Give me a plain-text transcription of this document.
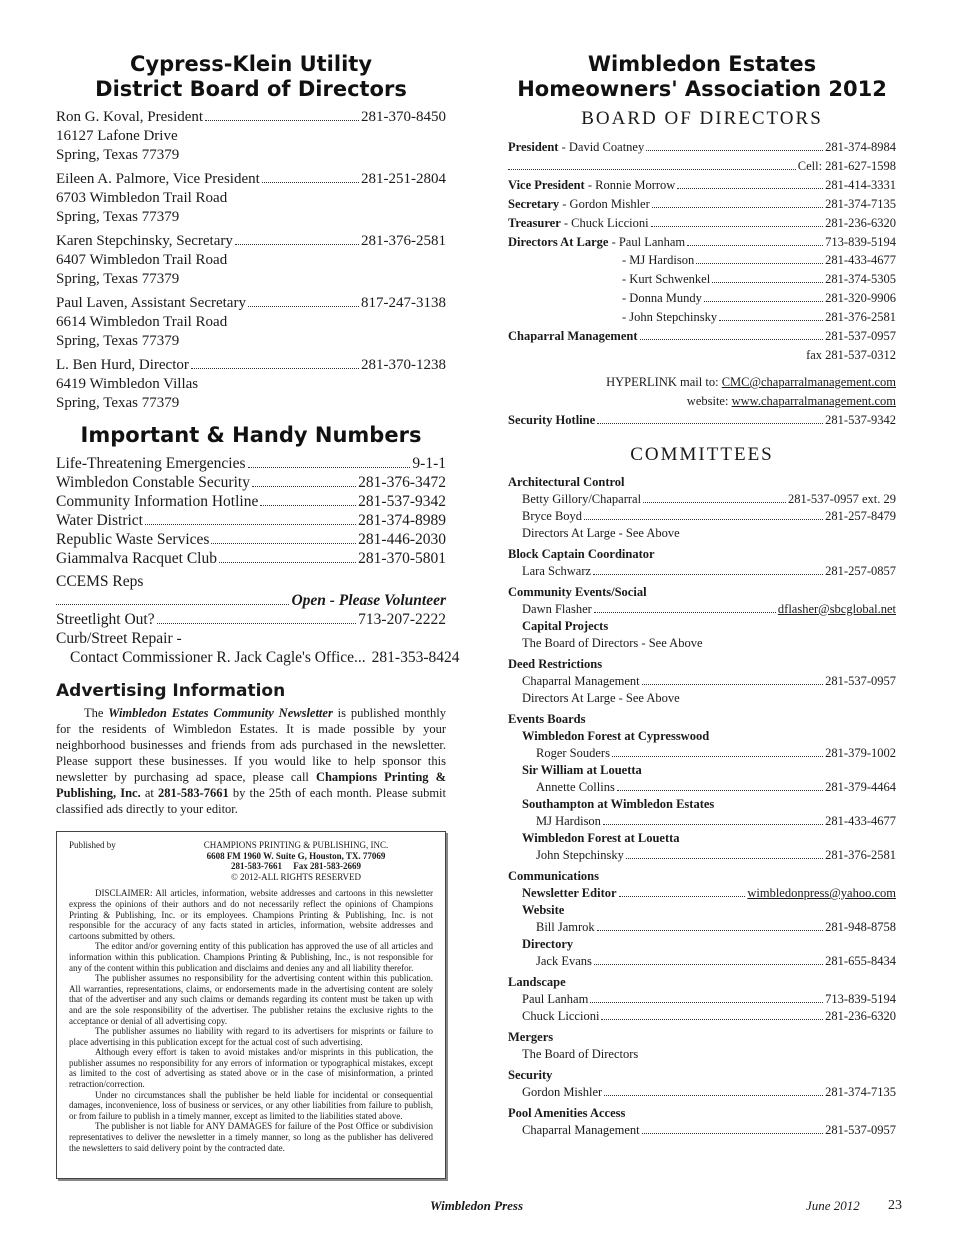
Cypress-Klein Utility
District Board of Directors
Ron G. Koval, President	281-370-8450
16127 Lafone Drive
Spring, Texas 77379
Eileen A. Palmore, Vice President	281-251-2804
6703 Wimbledon Trail Road
Spring, Texas 77379
Karen Stepchinsky, Secretary	281-376-2581
6407 Wimbledon Trail Road
Spring, Texas 77379
Paul Laven, Assistant Secretary	817-247-3138
6614 Wimbledon Trail Road
Spring, Texas 77379
L. Ben Hurd, Director	281-370-1238
6419 Wimbledon Villas
Spring, Texas 77379
Important & Handy Numbers
Life-Threatening Emergencies	9-1-1
Wimbledon Constable Security	281-376-3472
Community Information Hotline	281-537-9342
Water District	281-374-8989
Republic Waste Services	281-446-2030
Giammalva Racquet Club	281-370-5801
CCEMS Reps
Open - Please Volunteer
Streetlight Out?	713-207-2222
Curb/Street Repair -
Contact Commissioner R. Jack Cagle's Office... 281-353-8424
Advertising Information

The Wimbledon Estates Community Newsletter is published monthly for the residents of Wimbledon Estates. It is made possible by your neighborhood businesses and friends from ads purchased in the newsletter. Please support these businesses. If you would like to help sponsor this newsletter by purchasing ad space, please call Champions Printing & Publishing, Inc. at 281-583-7661 by the 25th of each month. Please submit classified ads directly to your editor.

Published by	CHAMPIONS PRINTING & PUBLISHING, INC.
6608 FM 1960 W. Suite G, Houston, TX. 77069
281-583-7661     Fax 281-583-2669
© 2012-ALL RIGHTS RESERVED

DISCLAIMER: All articles, information, website addresses and cartoons in this newsletter express the opinions of their authors and do not necessarily reflect the opinions of Champions Printing & Publishing, Inc. or its employees. Champions Printing & Publishing, Inc. is not responsible for the accuracy of any facts stated in articles, information, website addresses and cartoons submitted by others.

The editor and/or governing entity of this publication has approved the use of all articles and information within this publication. Champions Printing & Publishing, Inc., is not responsible for any of the content within this publication and disclaims and denies any and all liability therefor.

The publisher assumes no responsibility for the advertising content within this publication. All warranties, representations, claims, or endorsements made in the advertising content are solely that of the advertiser and any such claims or demands regarding its content must be taken up with and are the sole responsibility of the advertiser. The publisher retains the exclusive rights to the acceptance or denial of all advertising copy.

The publisher assumes no liability with regard to its advertisers for misprints or failure to place advertising in this publication except for the actual cost of such advertising.

Although every effort is taken to avoid mistakes and/or misprints in this publication, the publisher assumes no responsibility for any errors of information or typographical mistakes, except as limited to the cost of advertising as stated above or in the case of misinformation, a printed retraction/correction.

Under no circumstances shall the publisher be held liable for incidental or consequential damages, inconvenience, loss of business or services, or any other liabilities from failure to publish, or from failure to publish in a timely manner, except as limited to the liabilities stated above.

The publisher is not liable for ANY DAMAGES for failure of the Post Office or subdivision representatives to deliver the newsletter in a timely manner, so long as the publisher has delivered the newsletters to said delivery point by the contracted date.

Wimbledon Estates
Homeowners' Association 2012
BOARD OF DIRECTORS
President - David Coatney	281-374-8984
Cell: 281-627-1598
Vice President - Ronnie Morrow	281-414-3331
Secretary - Gordon Mishler	281-374-7135
Treasurer - Chuck Liccioni	281-236-6320
Directors At Large - Paul Lanham	713-839-5194
- MJ Hardison	281-433-4677
- Kurt Schwenkel	281-374-5305
- Donna Mundy	281-320-9906
- John Stepchinsky	281-376-2581
Chaparral Management	281-537-0957
fax 281-537-0312
HYPERLINK mail to: CMC@chaparralmanagement.com
website: www.chaparralmanagement.com
Security Hotline	281-537-9342
COMMITTEES
Architectural Control
Betty Gillory/Chaparral	281-537-0957 ext. 29
Bryce Boyd	281-257-8479
Directors At Large - See Above
Block Captain Coordinator
Lara Schwarz	281-257-0857
Community Events/Social
Dawn Flasher	dflasher@sbcglobal.net
Capital Projects
The Board of Directors - See Above
Deed Restrictions
Chaparral Management	281-537-0957
Directors At Large - See Above
Events Boards
Wimbledon Forest at Cypresswood
Roger Souders	281-379-1002
Sir William at Louetta
Annette Collins	281-379-4464
Southampton at Wimbledon Estates
MJ Hardison	281-433-4677
Wimbledon Forest at Louetta
John Stepchinsky	281-376-2581
Communications
Newsletter Editor	wimbledonpress@yahoo.com
Website
Bill Jamrok	281-948-8758
Directory
Jack Evans	281-655-8434
Landscape
Paul Lanham	713-839-5194
Chuck Liccioni	281-236-6320
Mergers
The Board of Directors
Security
Gordon Mishler	281-374-7135
Pool Amenities Access
Chaparral Management	281-537-0957
Wimbledon Press	June 2012 23
